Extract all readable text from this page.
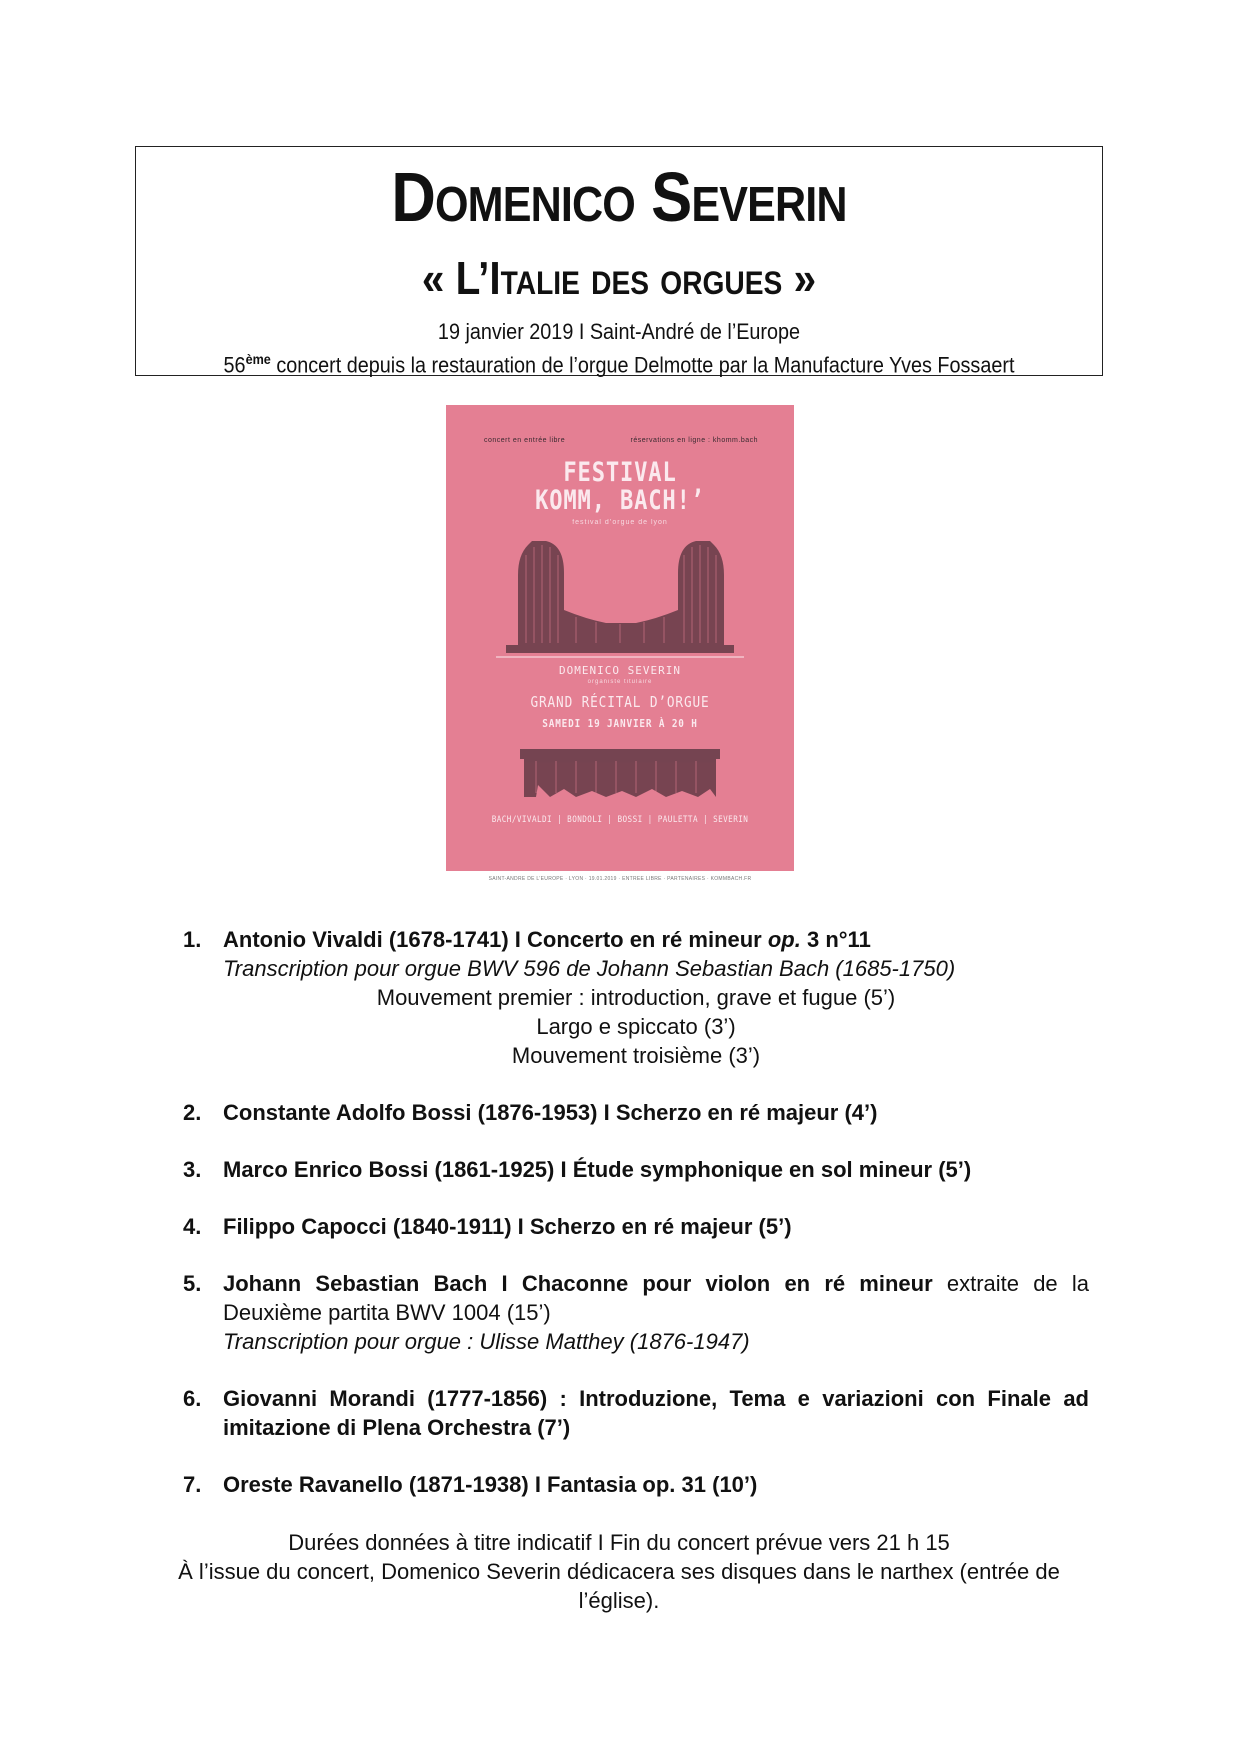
Domenico Severin
« L’Italie des orgues »
19 janvier 2019 I Saint-André de l’Europe
56ème concert depuis la restauration de l’orgue Delmotte par la Manufacture Yves Fossaert
concert en entrée libre	réservations en ligne : khomm.bach
FESTIVAL
KOMM, BACH!’
festival d’orgue de lyon
DOMENICO SEVERIN
organiste titulaire
GRAND RÉCITAL D’ORGUE
SAMEDI 19 JANVIER À 20 H
BACH/VIVALDI | BONDOLI | BOSSI | PAULETTA | SEVERIN
SAINT-ANDRÉ DE L’EUROPE · LYON · 19.01.2019 · ENTRÉE LIBRE · PARTENAIRES · KOMMBACH.FR
1. Antonio Vivaldi (1678-1741) I Concerto en ré mineur op. 3 n°11
Transcription pour orgue BWV 596 de Johann Sebastian Bach (1685-1750)
Mouvement premier : introduction, grave et fugue (5’)
Largo e spiccato (3’)
Mouvement troisième (3’)
2. Constante Adolfo Bossi (1876-1953) I Scherzo en ré majeur (4’)
3. Marco Enrico Bossi (1861-1925) I Étude symphonique en sol mineur (5’)
4. Filippo Capocci (1840-1911) I Scherzo en ré majeur (5’)
5. Johann Sebastian Bach I Chaconne pour violon en ré mineur extraite de la Deuxième partita BWV 1004 (15’)
Transcription pour orgue : Ulisse Matthey (1876-1947)
6. Giovanni Morandi (1777-1856) : Introduzione, Tema e variazioni con Finale ad imitazione di Plena Orchestra (7’)
7. Oreste Ravanello (1871-1938) I Fantasia op. 31 (10’)
Durées données à titre indicatif I Fin du concert prévue vers 21 h 15
À l’issue du concert, Domenico Severin dédicacera ses disques dans le narthex (entrée de l’église).
